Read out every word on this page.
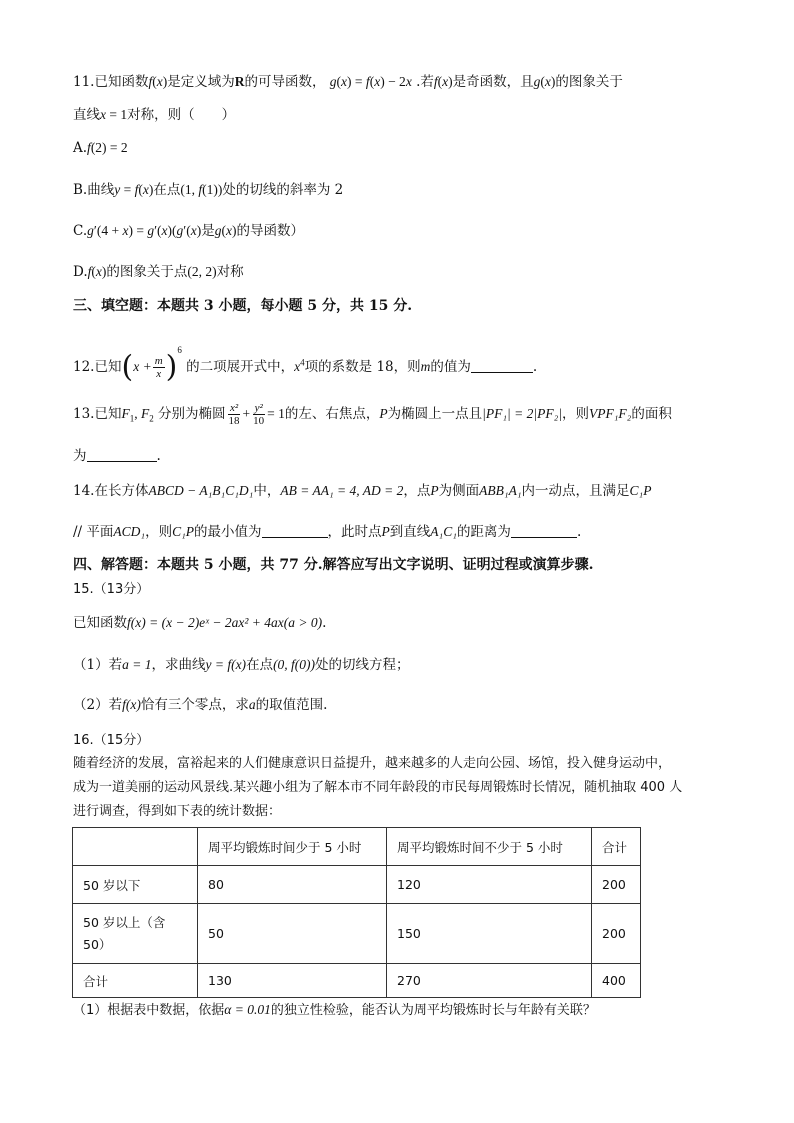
11.已知函数f(x)是定义域为R的可导函数， g(x) = f(x) − 2x .若f(x)是奇函数，且g(x)的图象关于
直线x = 1对称，则（　　）
A.f(2) = 2
B.曲线y = f(x)在点(1, f(1))处的切线的斜率为 2
C.g′(4 + x) = g′(x)(g′(x)是g(x)的导函数）
D.f(x)的图象关于点(2, 2)对称
三、填空题：本题共 3 小题，每小题 5 分，共 15 分.
12.已知$(x + \frac{m}{x} )^6$ 的二项展开式中，$x^4$项的系数是 18，则m的值为	.
13.已知$F_1$, $F_2$ 分别为椭圆 $\frac{\text{x²}}{18} + \frac{\text{y²}}{10} = 1$的左、右焦点，P为椭圆上一点且|PF₁| = 2|PF₂|，则VPF₁F₂的面积
为	.
14.在长方体ABCD − A₁B₁C₁D₁中，AB = AA₁ = 4, AD = 2，点P为侧面ABB₁A₁内一动点，且满足C₁P
// 平面ACD₁，则C₁P的最小值为	，此时点P到直线A₁C₁的距离为	.
四、解答题：本题共 5 小题，共 77 分.解答应写出文字说明、证明过程或演算步骤.
15.（13分）
已知函数f(x) = (x − 2)eˣ − 2ax² + 4ax(a > 0).
（1）若a = 1，求曲线y = f(x)在点(0, f(0))处的切线方程；
（2）若f(x)恰有三个零点，求a的取值范围.
16.（15分）
随着经济的发展，富裕起来的人们健康意识日益提升，越来越多的人走向公园、场馆，投入健身运动中，
成为一道美丽的运动风景线.某兴趣小组为了解本市不同年龄段的市民每周锻炼时长情况，随机抽取 400 人
进行调查，得到如下表的统计数据：
	周平均锻炼时间少于 5 小时	周平均锻炼时间不少于 5 小时	合计
50 岁以下	80	120	200
50 岁以上（含 50）	50	150	200
合计	130	270	400
（1）根据表中数据，依据α = 0.01的独立性检验，能否认为周平均锻炼时长与年龄有关联？
